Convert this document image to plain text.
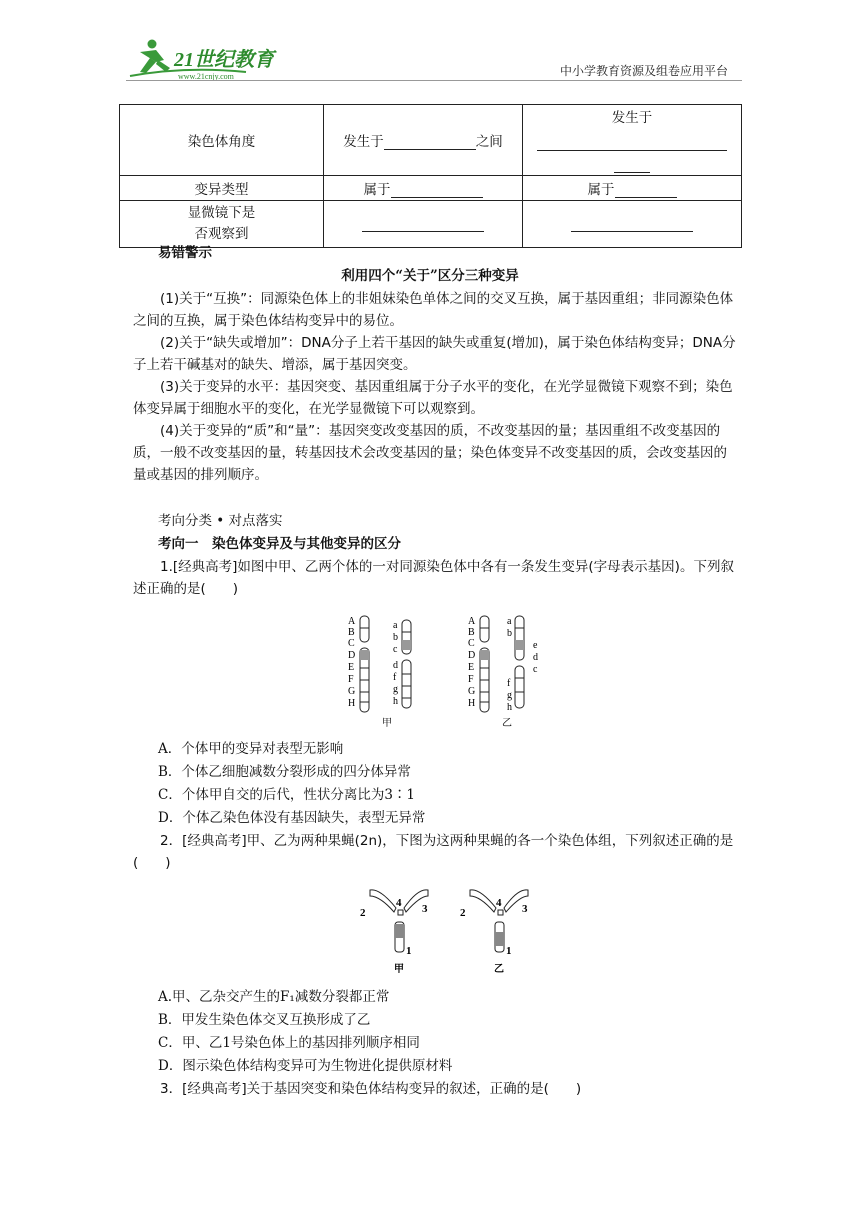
21世纪教育
www.21cnjy.com	中小学教育资源及组卷应用平台
染色体角度	发生于 之间	发生于

变异类型	属于	属于

显微镜下是
否观察到		

易错警示
利用四个“关于”区分三种变异

(1)关于“互换”：同源染色体上的非姐妹染色单体之间的交叉互换，属于基因重组；非同源染色体之间的互换，属于染色体结构变异中的易位。

(2)关于“缺失或增加”：DNA分子上若干基因的缺失或重复(增加)，属于染色体结构变异；DNA分子上若干碱基对的缺失、增添，属于基因突变。

(3)关于变异的水平：基因突变、基因重组属于分子水平的变化，在光学显微镜下观察不到；染色体变异属于细胞水平的变化，在光学显微镜下可以观察到。

(4)关于变异的“质”和“量”：基因突变改变基因的质，不改变基因的量；基因重组不改变基因的质，一般不改变基因的量，转基因技术会改变基因的量；染色体变异不改变基因的质，会改变基因的量或基因的排列顺序。

考向分类 • 对点落实
考向一　染色体变异及与其他变异的区分

1.[经典高考]如图中甲、乙两个体的一对同源染色体中各有一条发生变异(字母表示基因)。下列叙述正确的是(　　)

A
B
C
D
E
F
G
H
a
b
c
d
f
g
h
甲
A
B
C
D
E
F
G
H
乙
a
b
e
d
c
f
g
h
A．个体甲的变异对表型无影响
B．个体乙细胞减数分裂形成的四分体异常
C．个体甲自交的后代，性状分离比为3∶1
D．个体乙染色体没有基因缺失，表型无异常

2．[经典高考]甲、乙为两种果蝇(2n)，下图为这两种果蝇的各一个染色体组，下列叙述正确的是(　　)

2
4 3
1
甲
2
4 3
1
乙
A.甲、乙杂交产生的F₁减数分裂都正常
B．甲发生染色体交叉互换形成了乙
C．甲、乙1号染色体上的基因排列顺序相同
D．图示染色体结构变异可为生物进化提供原材料

3．[经典高考]关于基因突变和染色体结构变异的叙述，正确的是(　　)
